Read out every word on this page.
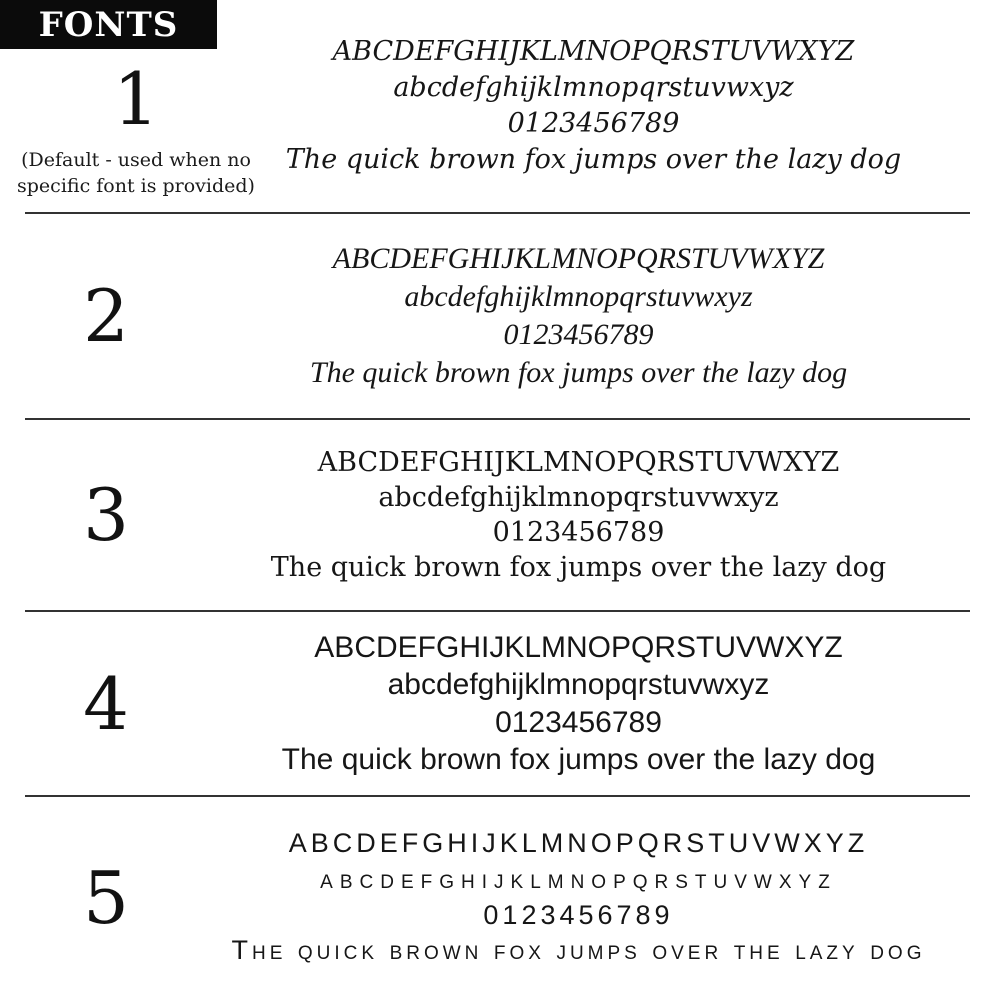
FONTS
1
(Default - used when no specific font is provided)
ABCDEFGHIJKLMNOPQRSTUVWXYZ
abcdefghijklmnopqrstuvwxyz
0123456789
The quick brown fox jumps over the lazy dog
2
ABCDEFGHIJKLMNOPQRSTUVWXYZ
abcdefghijklmnopqrstuvwxyz
0123456789
The quick brown fox jumps over the lazy dog
3
ABCDEFGHIJKLMNOPQRSTUVWXYZ
abcdefghijklmnopqrstuvwxyz
0123456789
The quick brown fox jumps over the lazy dog
4
ABCDEFGHIJKLMNOPQRSTUVWXYZ
abcdefghijklmnopqrstuvwxyz
0123456789
The quick brown fox jumps over the lazy dog
5
ABCDEFGHIJKLMNOPQRSTUVWXYZ
abcdefghijklmnopqrstuvwxyz
0123456789
The quick brown fox jumps over the lazy dog
